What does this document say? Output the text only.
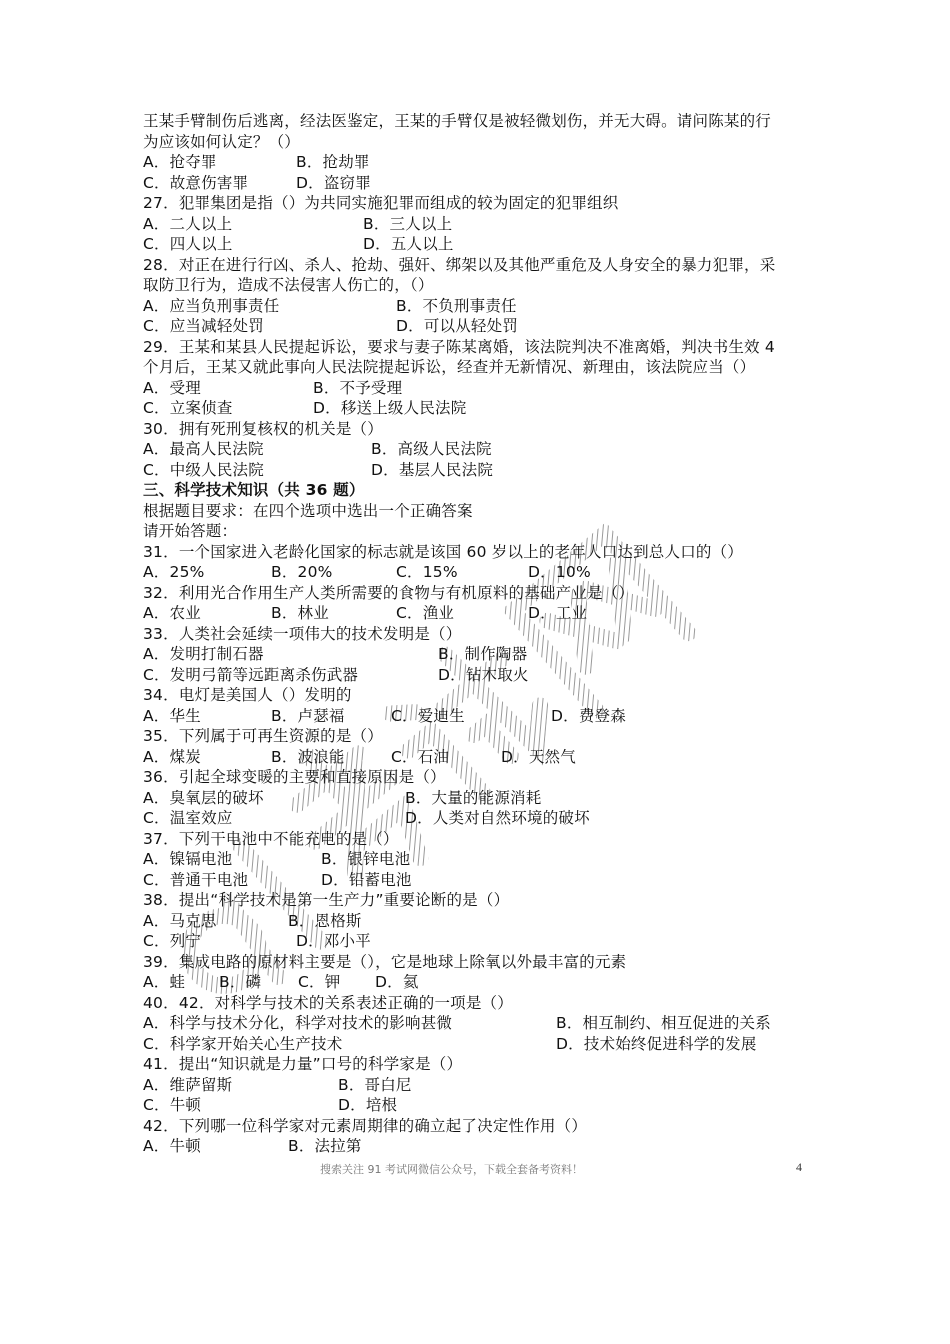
王某手臂制伤后逃离，经法医鉴定，王某的手臂仅是被轻微划伤，并无大碍。请问陈某的行
为应该如何认定？（）
A．抢夺罪	B．抢劫罪
C．故意伤害罪	D．盗窃罪
27．犯罪集团是指（）为共同实施犯罪而组成的较为固定的犯罪组织
A．二人以上	B．三人以上
C．四人以上	D．五人以上
28．对正在进行行凶、杀人、抢劫、强奸、绑架以及其他严重危及人身安全的暴力犯罪，采
取防卫行为，造成不法侵害人伤亡的，（）
A．应当负刑事责任	B．不负刑事责任
C．应当减轻处罚	D．可以从轻处罚
29．王某和某县人民提起诉讼，要求与妻子陈某离婚，该法院判决不准离婚，判决书生效 4
个月后，王某又就此事向人民法院提起诉讼，经查并无新情况、新理由，该法院应当（）
A．受理	B．不予受理
C．立案侦查	D．移送上级人民法院
30．拥有死刑复核权的机关是（）
A．最高人民法院	B．高级人民法院
C．中级人民法院	D．基层人民法院
三、科学技术知识（共 36 题）
根据题目要求：在四个选项中选出一个正确答案
请开始答题：
31．一个国家进入老龄化国家的标志就是该国 60 岁以上的老年人口达到总人口的（）
A．25%	B．20%	C．15%	D．10%
32．利用光合作用生产人类所需要的食物与有机原料的基础产业是（）
A．农业	B．林业	C．渔业	D．工业
33．人类社会延续一项伟大的技术发明是（）
A．发明打制石器	B．制作陶器
C．发明弓箭等远距离杀伤武器	D．钻木取火
34．电灯是美国人（）发明的
A．华生	B．卢瑟福	C．爱迪生	D．费登森
35．下列属于可再生资源的是（）
A．煤炭	B．波浪能	C．石油	D．天然气
36．引起全球变暖的主要和直接原因是（）
A．臭氧层的破坏	B．大量的能源消耗
C．温室效应	D．人类对自然环境的破坏
37．下列干电池中不能充电的是（）
A．镍镉电池	B．银锌电池
C．普通干电池	D．铅蓄电池
38．提出“科学技术是第一生产力”重要论断的是（）
A．马克思	B．恩格斯
C．列宁	D．邓小平
39．集成电路的原材料主要是（），它是地球上除氧以外最丰富的元素
A．蛙 B．磷 C．钾 D．氦
40．42．对科学与技术的关系表述正确的一项是（）
A．科学与技术分化，科学对技术的影响甚微	B．相互制约、相互促进的关系
C．科学家开始关心生产技术	D．技术始终促进科学的发展
41．提出“知识就是力量”口号的科学家是（）
A．维萨留斯	B．哥白尼
C．牛顿	D．培根
42．下列哪一位科学家对元素周期律的确立起了决定性作用（）
A．牛顿	B．法拉第
搜索关注 91 考试网微信公众号，下载全套备考资料！	4
